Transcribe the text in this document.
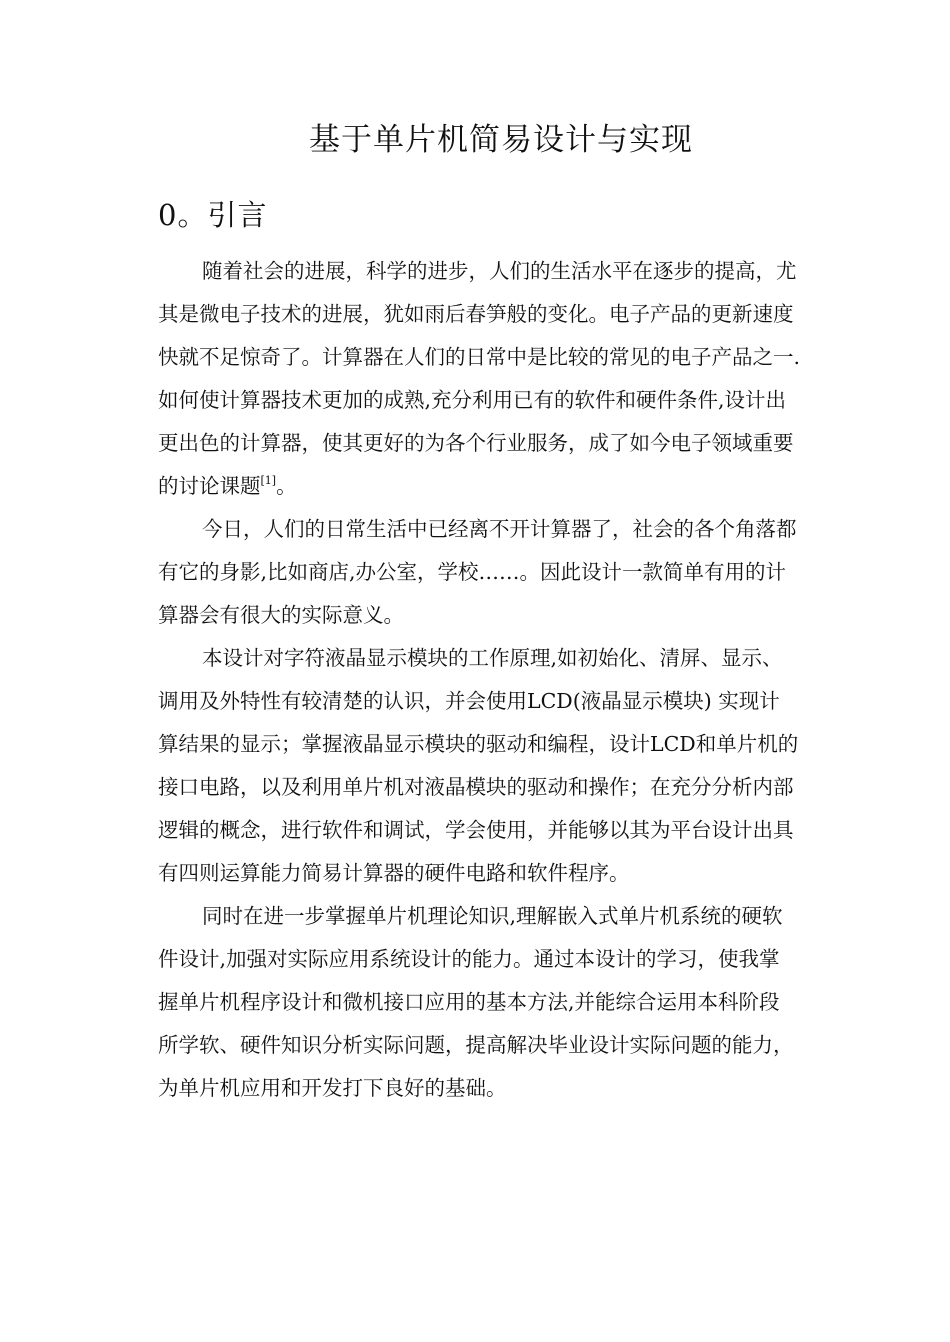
基于单片机简易设计与实现
0。引言

随着社会的进展，科学的进步，人们的生活水平在逐步的提高，尤
其是微电子技术的进展，犹如雨后春笋般的变化。电子产品的更新速度
快就不足惊奇了。计算器在人们的日常中是比较的常见的电子产品之一.
如何使计算器技术更加的成熟,充分利用已有的软件和硬件条件,设计出
更出色的计算器，使其更好的为各个行业服务，成了如今电子领域重要
的讨论课题[1]。

今日，人们的日常生活中已经离不开计算器了，社会的各个角落都
有它的身影,比如商店,办公室，学校……。因此设计一款简单有用的计
算器会有很大的实际意义。

本设计对字符液晶显示模块的工作原理,如初始化、清屏、显示、
调用及外特性有较清楚的认识，并会使用LCD(液晶显示模块) 实现计
算结果的显示；掌握液晶显示模块的驱动和编程，设计LCD和单片机的
接口电路，以及利用单片机对液晶模块的驱动和操作；在充分分析内部
逻辑的概念，进行软件和调试，学会使用，并能够以其为平台设计出具
有四则运算能力简易计算器的硬件电路和软件程序。

同时在进一步掌握单片机理论知识,理解嵌入式单片机系统的硬软
件设计,加强对实际应用系统设计的能力。通过本设计的学习，使我掌
握单片机程序设计和微机接口应用的基本方法,并能综合运用本科阶段
所学软、硬件知识分析实际问题，提高解决毕业设计实际问题的能力，
为单片机应用和开发打下良好的基础。
